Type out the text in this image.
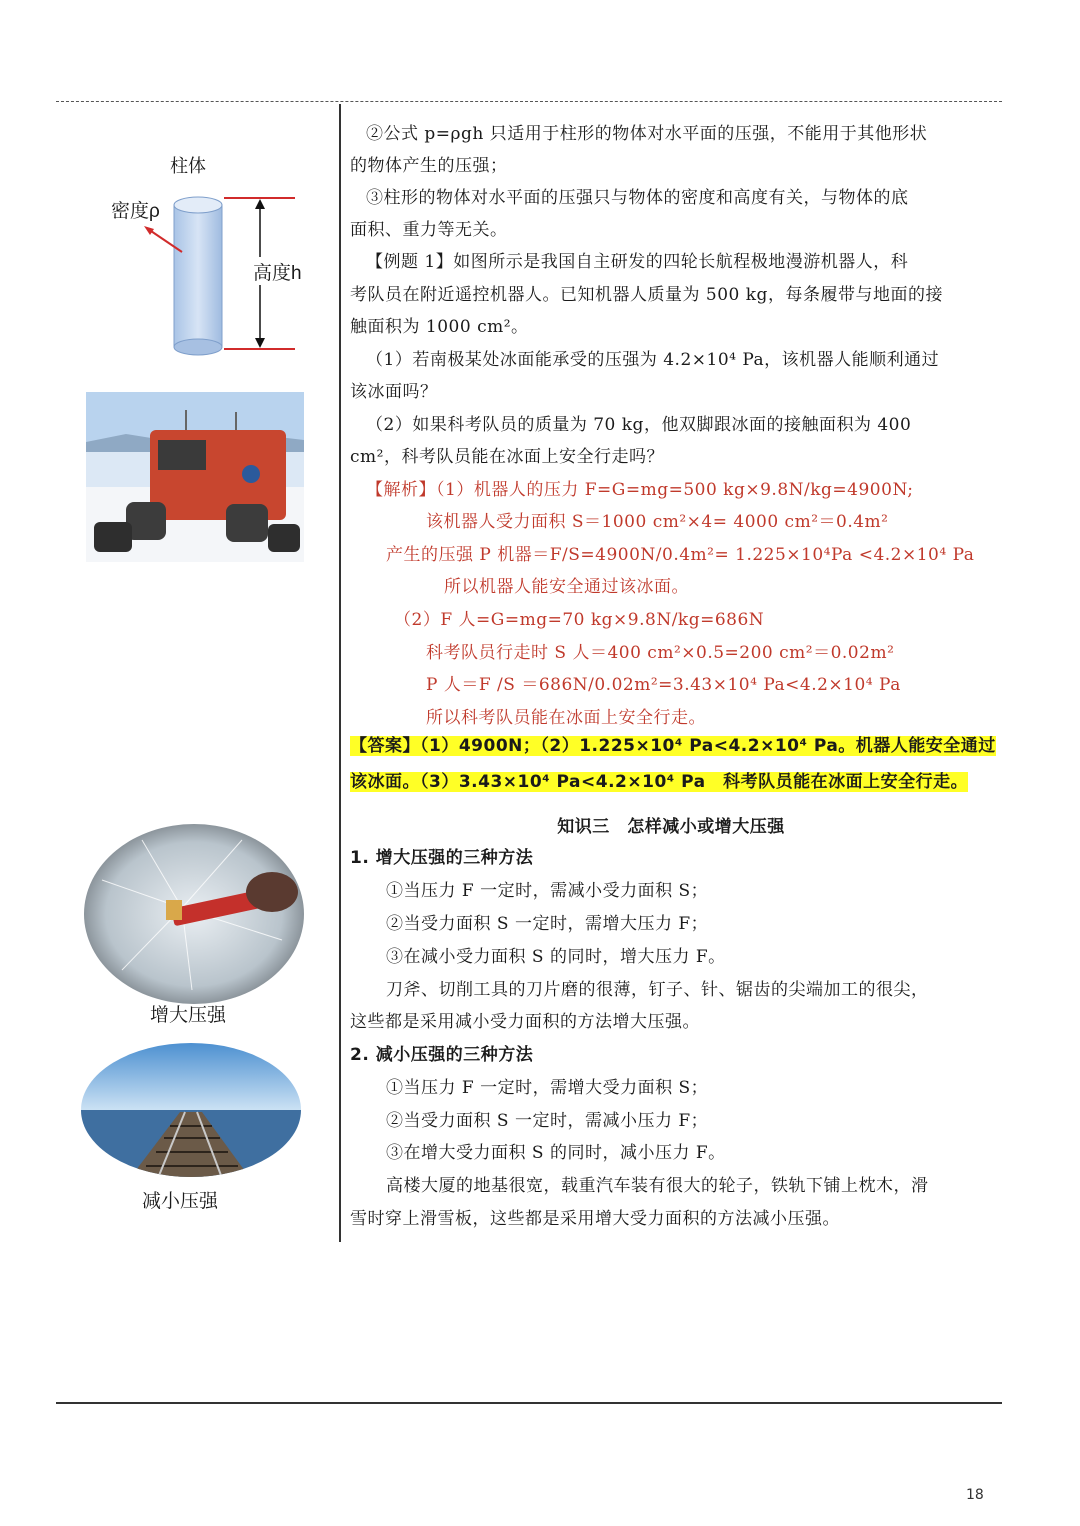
柱体
密度ρ
高度h
增大压强
减小压强
②公式 p=ρgh 只适用于柱形的物体对水平面的压强，不能用于其他形状
的物体产生的压强；
③柱形的物体对水平面的压强只与物体的密度和高度有关，与物体的底
面积、重力等无关。
【例题 1】如图所示是我国自主研发的四轮长航程极地漫游机器人，科
考队员在附近遥控机器人。已知机器人质量为 500 kg，每条履带与地面的接
触面积为 1000 cm²。
（1）若南极某处冰面能承受的压强为 4.2×10⁴ Pa，该机器人能顺利通过
该冰面吗？
（2）如果科考队员的质量为 70 kg，他双脚跟冰面的接触面积为 400
cm²，科考队员能在冰面上安全行走吗？
【解析】（1）机器人的压力 F=G=mg=500 kg×9.8N/kg=4900N;
该机器人受力面积 S＝1000 cm²×4= 4000 cm²＝0.4m²
产生的压强 P 机器＝F/S=4900N/0.4m²= 1.225×10⁴Pa <4.2×10⁴ Pa
所以机器人能安全通过该冰面。
（2）F 人=G=mg=70 kg×9.8N/kg=686N
科考队员行走时 S 人＝400 cm²×0.5=200 cm²＝0.02m²
P 人＝F /S ＝686N/0.02m²=3.43×10⁴ Pa<4.2×10⁴ Pa
所以科考队员能在冰面上安全行走。
【答案】（1）4900N；（2）1.225×10⁴ Pa<4.2×10⁴ Pa。机器人能安全通过
该冰面。（3）3.43×10⁴ Pa<4.2×10⁴ Pa　科考队员能在冰面上安全行走。
知识三　怎样减小或增大压强
1. 增大压强的三种方法
①当压力 F 一定时，需减小受力面积 S；
②当受力面积 S 一定时，需增大压力 F；
③在减小受力面积 S 的同时，增大压力 F。
刀斧、切削工具的刀片磨的很薄，钉子、针、锯齿的尖端加工的很尖，
这些都是采用减小受力面积的方法增大压强。
2. 减小压强的三种方法
①当压力 F 一定时，需增大受力面积 S；
②当受力面积 S 一定时，需减小压力 F；
③在增大受力面积 S 的同时，减小压力 F。
高楼大厦的地基很宽，载重汽车装有很大的轮子，铁轨下铺上枕木，滑
雪时穿上滑雪板，这些都是采用增大受力面积的方法减小压强。
18
